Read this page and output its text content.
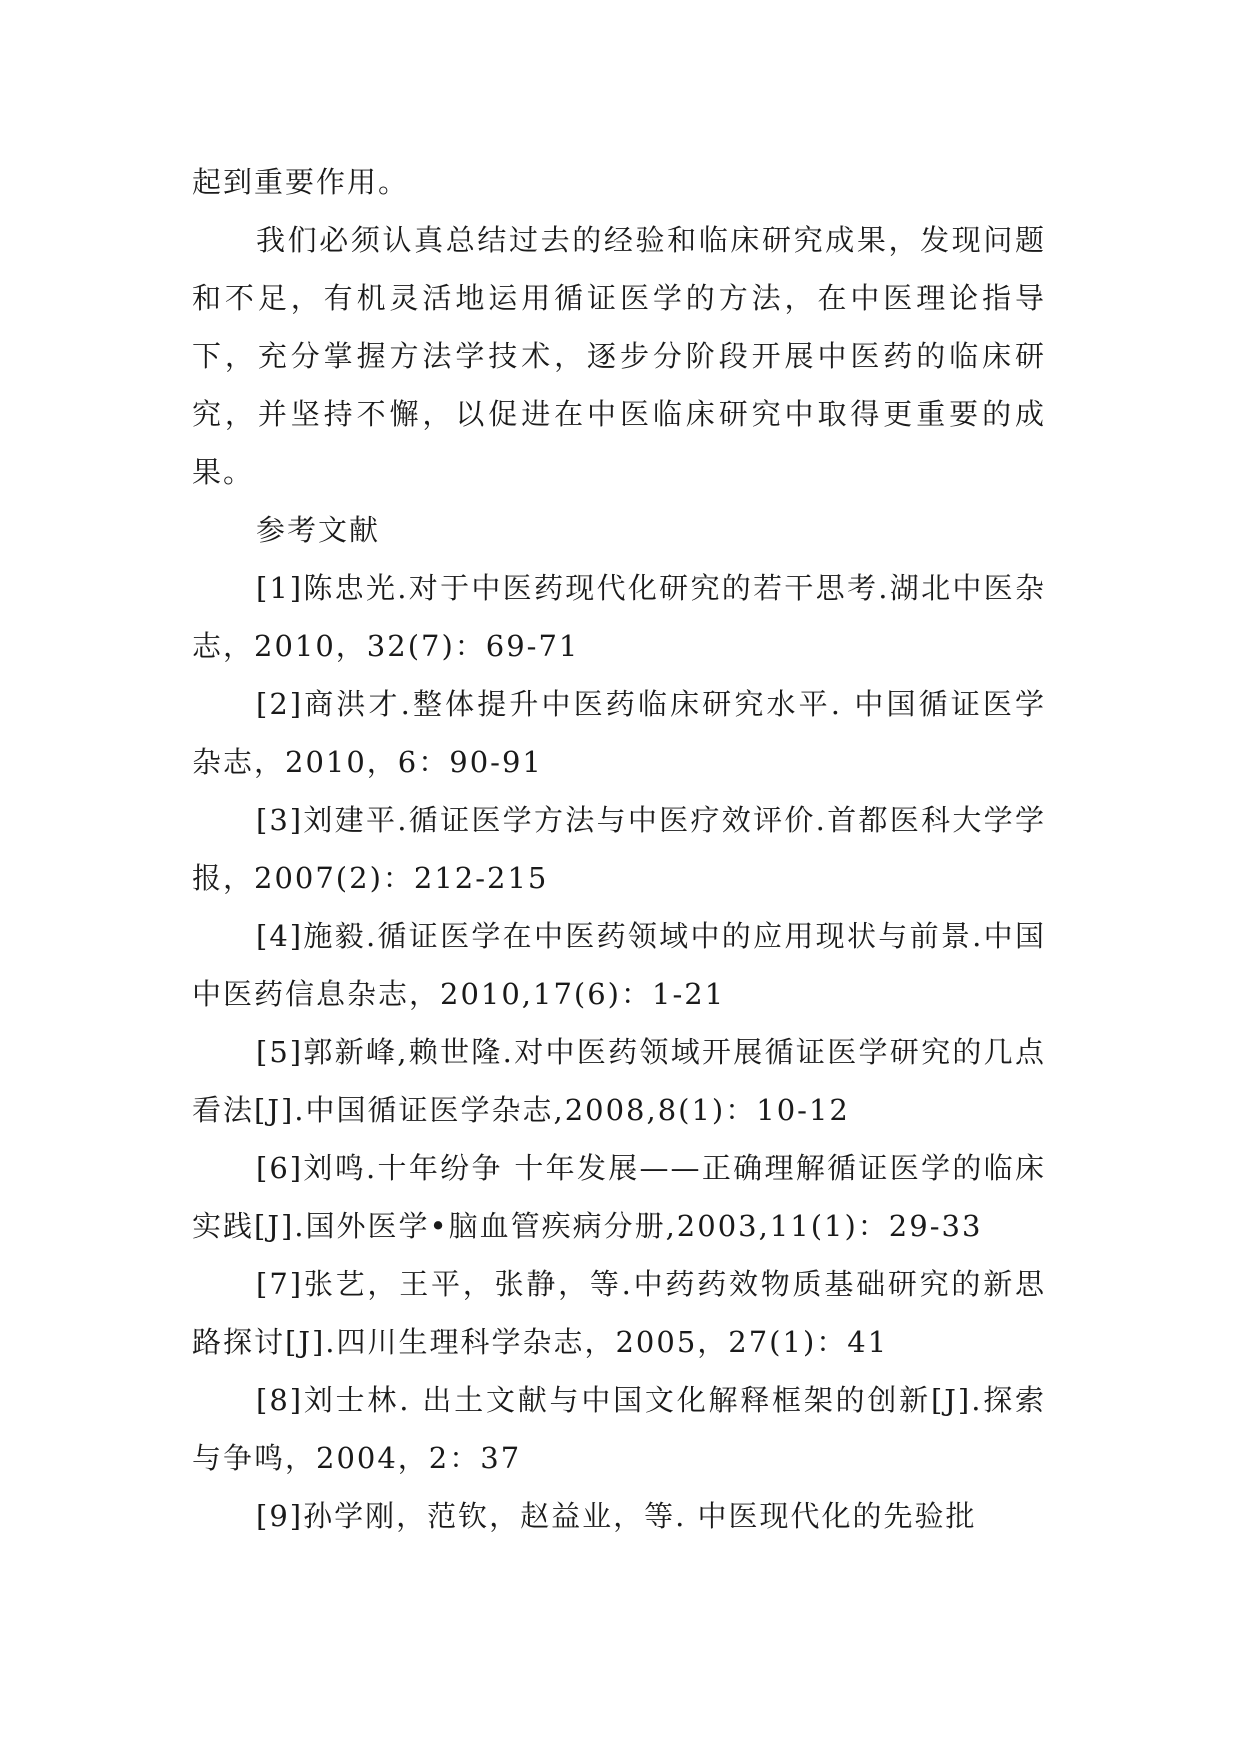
起到重要作用。

我们必须认真总结过去的经验和临床研究成果，发现问题和不足，有机灵活地运用循证医学的方法，在中医理论指导下，充分掌握方法学技术，逐步分阶段开展中医药的临床研究，并坚持不懈，以促进在中医临床研究中取得更重要的成果。

参考文献

[1]陈忠光.对于中医药现代化研究的若干思考.湖北中医杂志，2010，32(7)：69-71

[2]商洪才.整体提升中医药临床研究水平. 中国循证医学杂志，2010，6：90-91

[3]刘建平.循证医学方法与中医疗效评价.首都医科大学学报，2007(2)：212-215

[4]施毅.循证医学在中医药领域中的应用现状与前景.中国中医药信息杂志，2010,17(6)：1-21

[5]郭新峰,赖世隆.对中医药领域开展循证医学研究的几点看法[J].中国循证医学杂志,2008,8(1)：10-12

[6]刘鸣.十年纷争 十年发展——正确理解循证医学的临床实践[J].国外医学•脑血管疾病分册,2003,11(1)：29-33

[7]张艺，王平，张静，等.中药药效物质基础研究的新思路探讨[J].四川生理科学杂志，2005，27(1)：41

[8]刘士林. 出土文献与中国文化解释框架的创新[J].探索与争鸣，2004，2：37

[9]孙学刚，范钦，赵益业，等. 中医现代化的先验批
